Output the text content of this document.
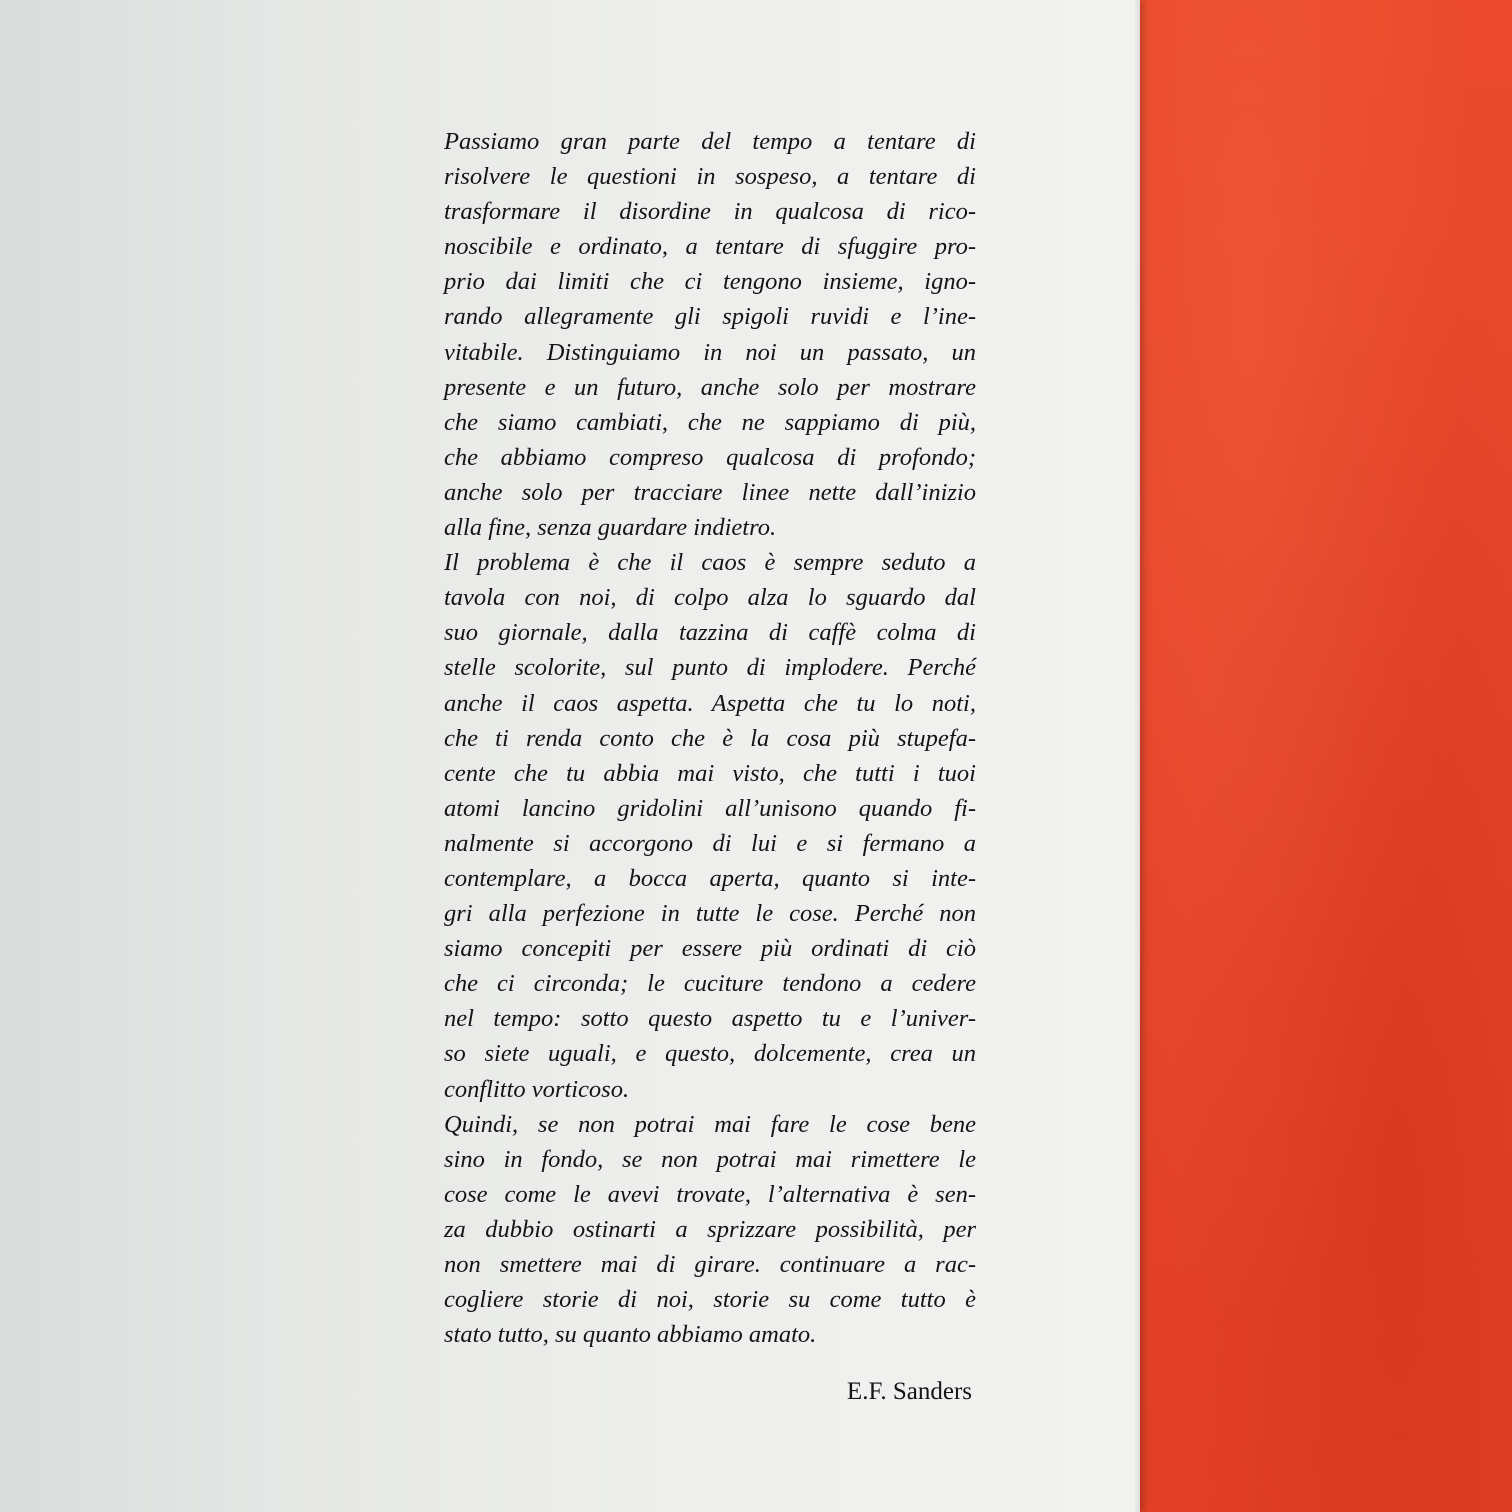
Passiamo gran parte del tempo a tentare di
risolvere le questioni in sospeso, a tentare di
trasformare il disordine in qualcosa di rico-
noscibile e ordinato, a tentare di sfuggire pro-
prio dai limiti che ci tengono insieme, igno-
rando allegramente gli spigoli ruvidi e l’ine-
vitabile. Distinguiamo in noi un passato, un
presente e un futuro, anche solo per mostrare
che siamo cambiati, che ne sappiamo di più,
che abbiamo compreso qualcosa di profondo;
anche solo per tracciare linee nette dall’inizio
alla fine, senza guardare indietro.
Il problema è che il caos è sempre seduto a
tavola con noi, di colpo alza lo sguardo dal
suo giornale, dalla tazzina di caffè colma di
stelle scolorite, sul punto di implodere. Perché
anche il caos aspetta. Aspetta che tu lo noti,
che ti renda conto che è la cosa più stupefa-
cente che tu abbia mai visto, che tutti i tuoi
atomi lancino gridolini all’unisono quando fi-
nalmente si accorgono di lui e si fermano a
contemplare, a bocca aperta, quanto si inte-
gri alla perfezione in tutte le cose. Perché non
siamo concepiti per essere più ordinati di ciò
che ci circonda; le cuciture tendono a cedere
nel tempo: sotto questo aspetto tu e l’univer-
so siete uguali, e questo, dolcemente, crea un
conflitto vorticoso.
Quindi, se non potrai mai fare le cose bene
sino in fondo, se non potrai mai rimettere le
cose come le avevi trovate, l’alternativa è sen-
za dubbio ostinarti a sprizzare possibilità, per
non smettere mai di girare. continuare a rac-
cogliere storie di noi, storie su come tutto è
stato tutto, su quanto abbiamo amato.
E.F. Sanders
